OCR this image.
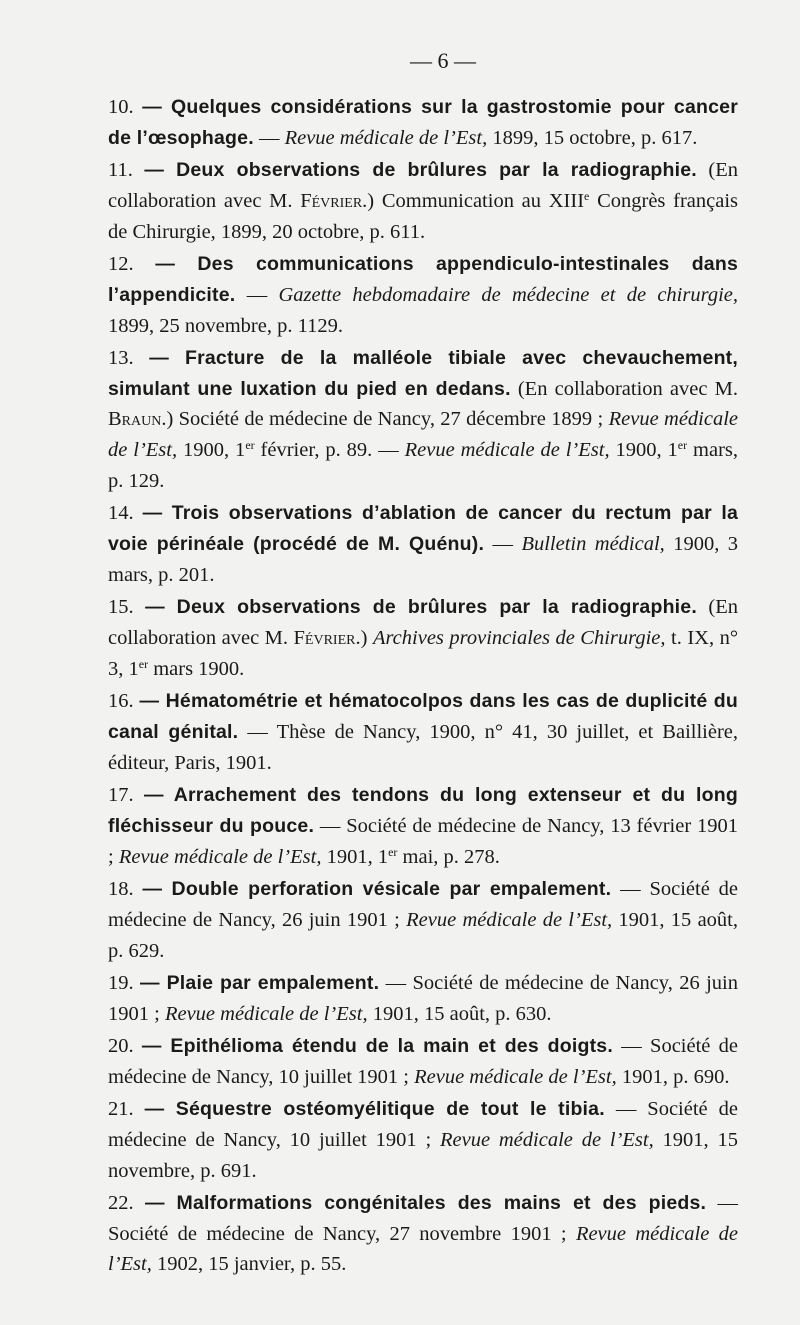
— 6 —

10. — Quelques considérations sur la gastrostomie pour cancer de l’œsophage. — Revue médicale de l’Est, 1899, 15 octobre, p. 617.

11. — Deux observations de brûlures par la radiographie. (En collaboration avec M. Février.) Communication au XIIIe Congrès français de Chirurgie, 1899, 20 octobre, p. 611.

12. — Des communications appendiculo-intestinales dans l’appendicite. — Gazette hebdomadaire de médecine et de chirurgie, 1899, 25 novembre, p. 1129.

13. — Fracture de la malléole tibiale avec chevauchement, simulant une luxation du pied en dedans. (En collaboration avec M. Braun.) Société de médecine de Nancy, 27 décembre 1899 ; Revue médicale de l’Est, 1900, 1er février, p. 89. — Revue médicale de l’Est, 1900, 1er mars, p. 129.

14. — Trois observations d’ablation de cancer du rectum par la voie périnéale (procédé de M. Quénu). — Bulletin médical, 1900, 3 mars, p. 201.

15. — Deux observations de brûlures par la radiographie. (En collaboration avec M. Février.) Archives provinciales de Chirurgie, t. IX, n° 3, 1er mars 1900.

16. — Hématométrie et hématocolpos dans les cas de duplicité du canal génital. — Thèse de Nancy, 1900, n° 41, 30 juillet, et Baillière, éditeur, Paris, 1901.

17. — Arrachement des tendons du long extenseur et du long fléchisseur du pouce. — Société de médecine de Nancy, 13 février 1901 ; Revue médicale de l’Est, 1901, 1er mai, p. 278.

18. — Double perforation vésicale par empalement. — Société de médecine de Nancy, 26 juin 1901 ; Revue médicale de l’Est, 1901, 15 août, p. 629.

19. — Plaie par empalement. — Société de médecine de Nancy, 26 juin 1901 ; Revue médicale de l’Est, 1901, 15 août, p. 630.

20. — Epithélioma étendu de la main et des doigts. — Société de médecine de Nancy, 10 juillet 1901 ; Revue médicale de l’Est, 1901, p. 690.

21. — Séquestre ostéomyélitique de tout le tibia. — Société de médecine de Nancy, 10 juillet 1901 ; Revue médicale de l’Est, 1901, 15 novembre, p. 691.

22. — Malformations congénitales des mains et des pieds. — Société de médecine de Nancy, 27 novembre 1901 ; Revue médicale de l’Est, 1902, 15 janvier, p. 55.
